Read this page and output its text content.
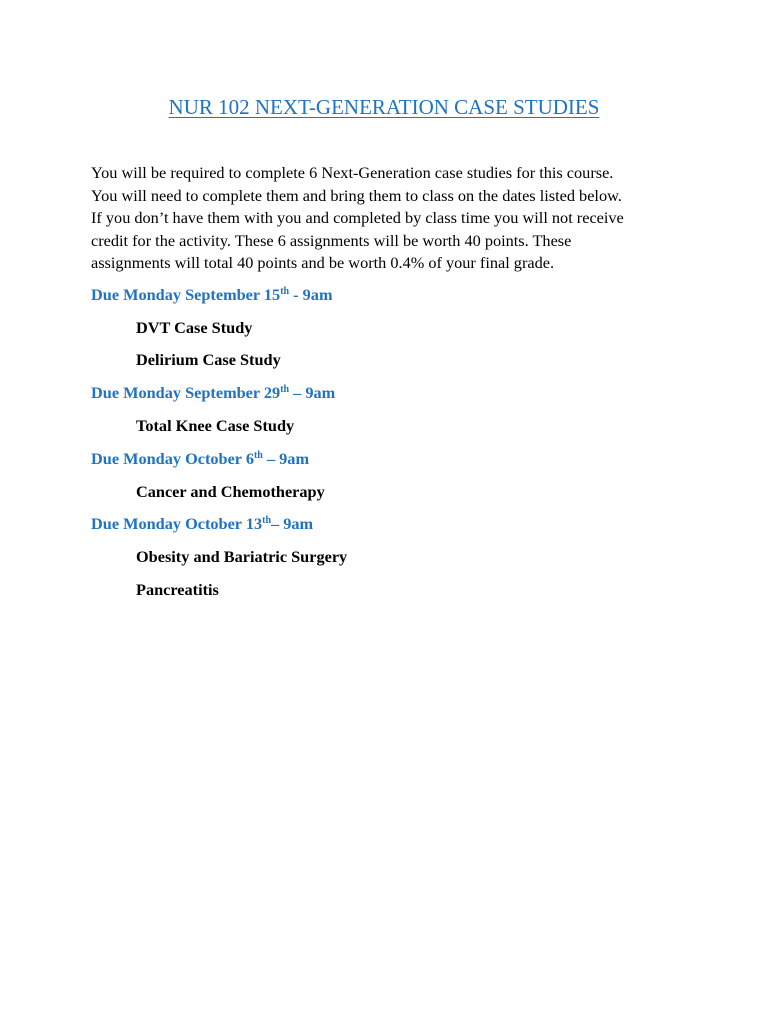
NUR 102 NEXT-GENERATION CASE STUDIES

You will be required to complete 6 Next-Generation case studies for this course.
You will need to complete them and bring them to class on the dates listed below.
If you don’t have them with you and completed by class time you will not receive
credit for the activity. These 6 assignments will be worth 40 points. These
assignments will total 40 points and be worth 0.4% of your final grade.

Due Monday September 15th - 9am

DVT Case Study

Delirium Case Study

Due Monday September 29th – 9am

Total Knee Case Study

Due Monday October 6th – 9am

Cancer and Chemotherapy

Due Monday October 13th– 9am

Obesity and Bariatric Surgery

Pancreatitis
